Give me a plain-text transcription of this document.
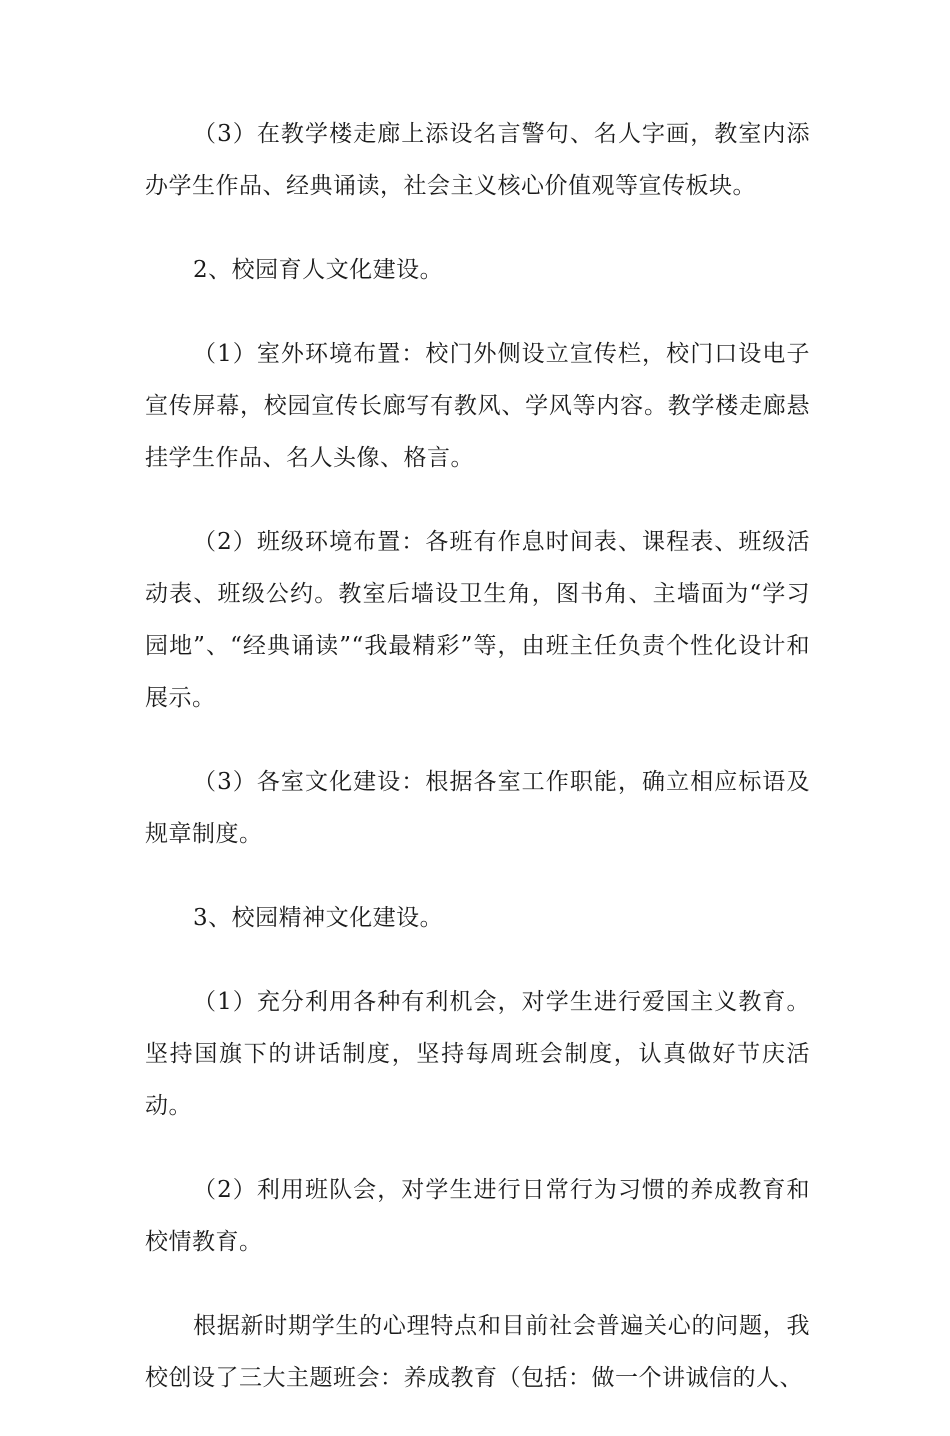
（3）在教学楼走廊上添设名言警句、名人字画，教室内添办学生作品、经典诵读，社会主义核心价值观等宣传板块。

2、校园育人文化建设。

（1）室外环境布置：校门外侧设立宣传栏，校门口设电子宣传屏幕，校园宣传长廊写有教风、学风等内容。教学楼走廊悬挂学生作品、名人头像、格言。

（2）班级环境布置：各班有作息时间表、课程表、班级活动表、班级公约。教室后墙设卫生角，图书角、主墙面为“学习园地”、“经典诵读”“我最精彩”等，由班主任负责个性化设计和展示。

（3）各室文化建设：根据各室工作职能，确立相应标语及规章制度。

3、校园精神文化建设。

（1）充分利用各种有利机会，对学生进行爱国主义教育。坚持国旗下的讲话制度，坚持每周班会制度，认真做好节庆活动。

（2）利用班队会，对学生进行日常行为习惯的养成教育和校情教育。

根据新时期学生的心理特点和目前社会普遍关心的问题，我校创设了三大主题班会：养成教育（包括：做一个讲诚信的人、
